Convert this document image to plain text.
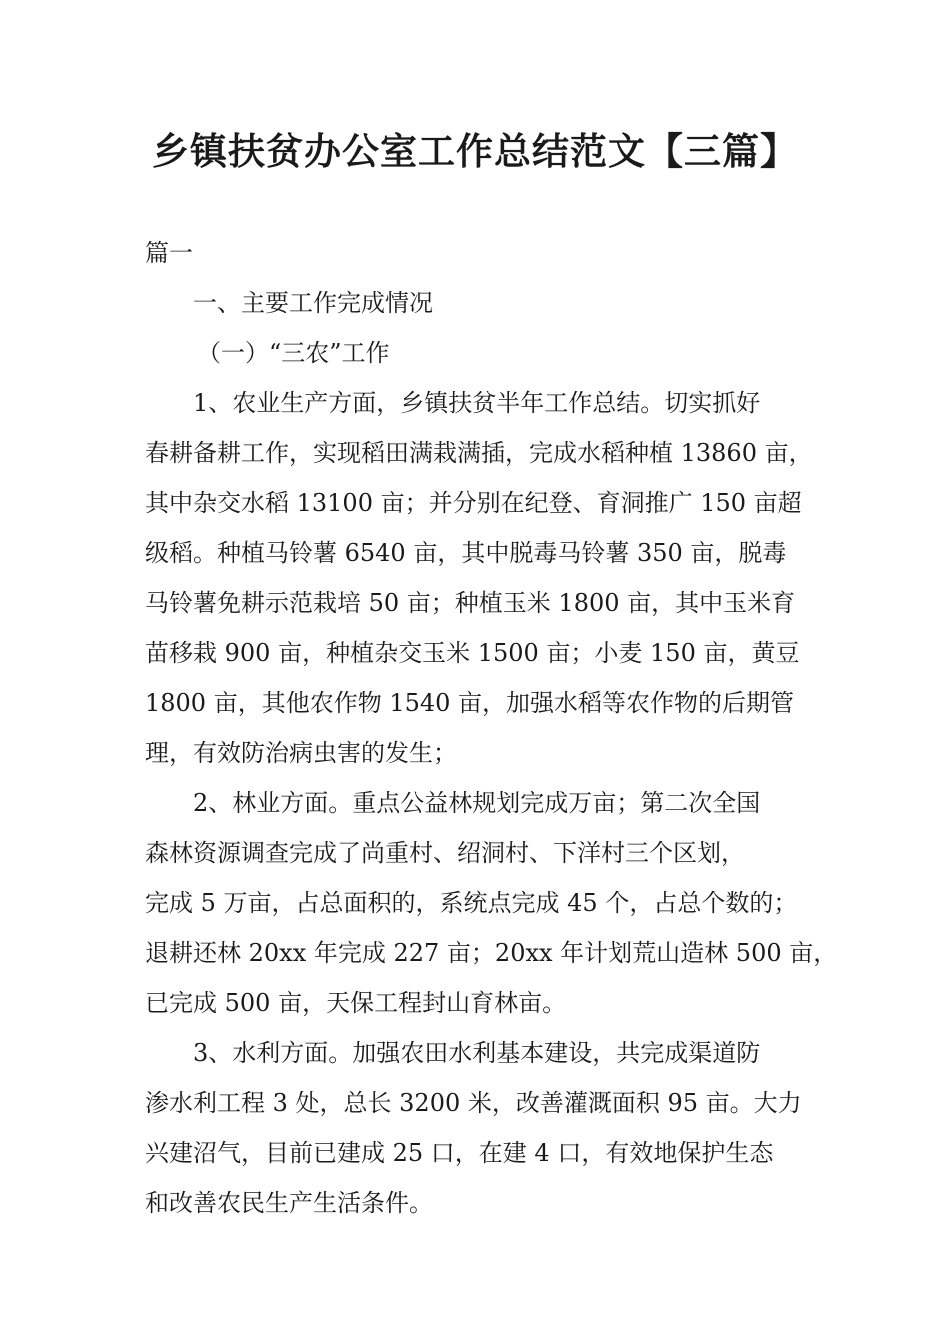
乡镇扶贫办公室工作总结范文【三篇】
篇一
一、主要工作完成情况
（一）“三农”工作
1、农业生产方面，乡镇扶贫半年工作总结。切实抓好
春耕备耕工作，实现稻田满栽满插，完成水稻种植 13860 亩，
其中杂交水稻 13100 亩；并分别在纪登、育洞推广 150 亩超
级稻。种植马铃薯 6540 亩，其中脱毒马铃薯 350 亩，脱毒
马铃薯免耕示范栽培 50 亩；种植玉米 1800 亩，其中玉米育
苗移栽 900 亩，种植杂交玉米 1500 亩；小麦 150 亩，黄豆
1800 亩，其他农作物 1540 亩，加强水稻等农作物的后期管
理，有效防治病虫害的发生；
2、林业方面。重点公益林规划完成万亩；第二次全国
森林资源调查完成了尚重村、绍洞村、下洋村三个区划，
完成 5 万亩，占总面积的，系统点完成 45 个，占总个数的；
退耕还林 20xx 年完成 227 亩；20xx 年计划荒山造林 500 亩，
已完成 500 亩，天保工程封山育林亩。
3、水利方面。加强农田水利基本建设，共完成渠道防
渗水利工程 3 处，总长 3200 米，改善灌溉面积 95 亩。大力
兴建沼气，目前已建成 25 口，在建 4 口，有效地保护生态
和改善农民生产生活条件。
